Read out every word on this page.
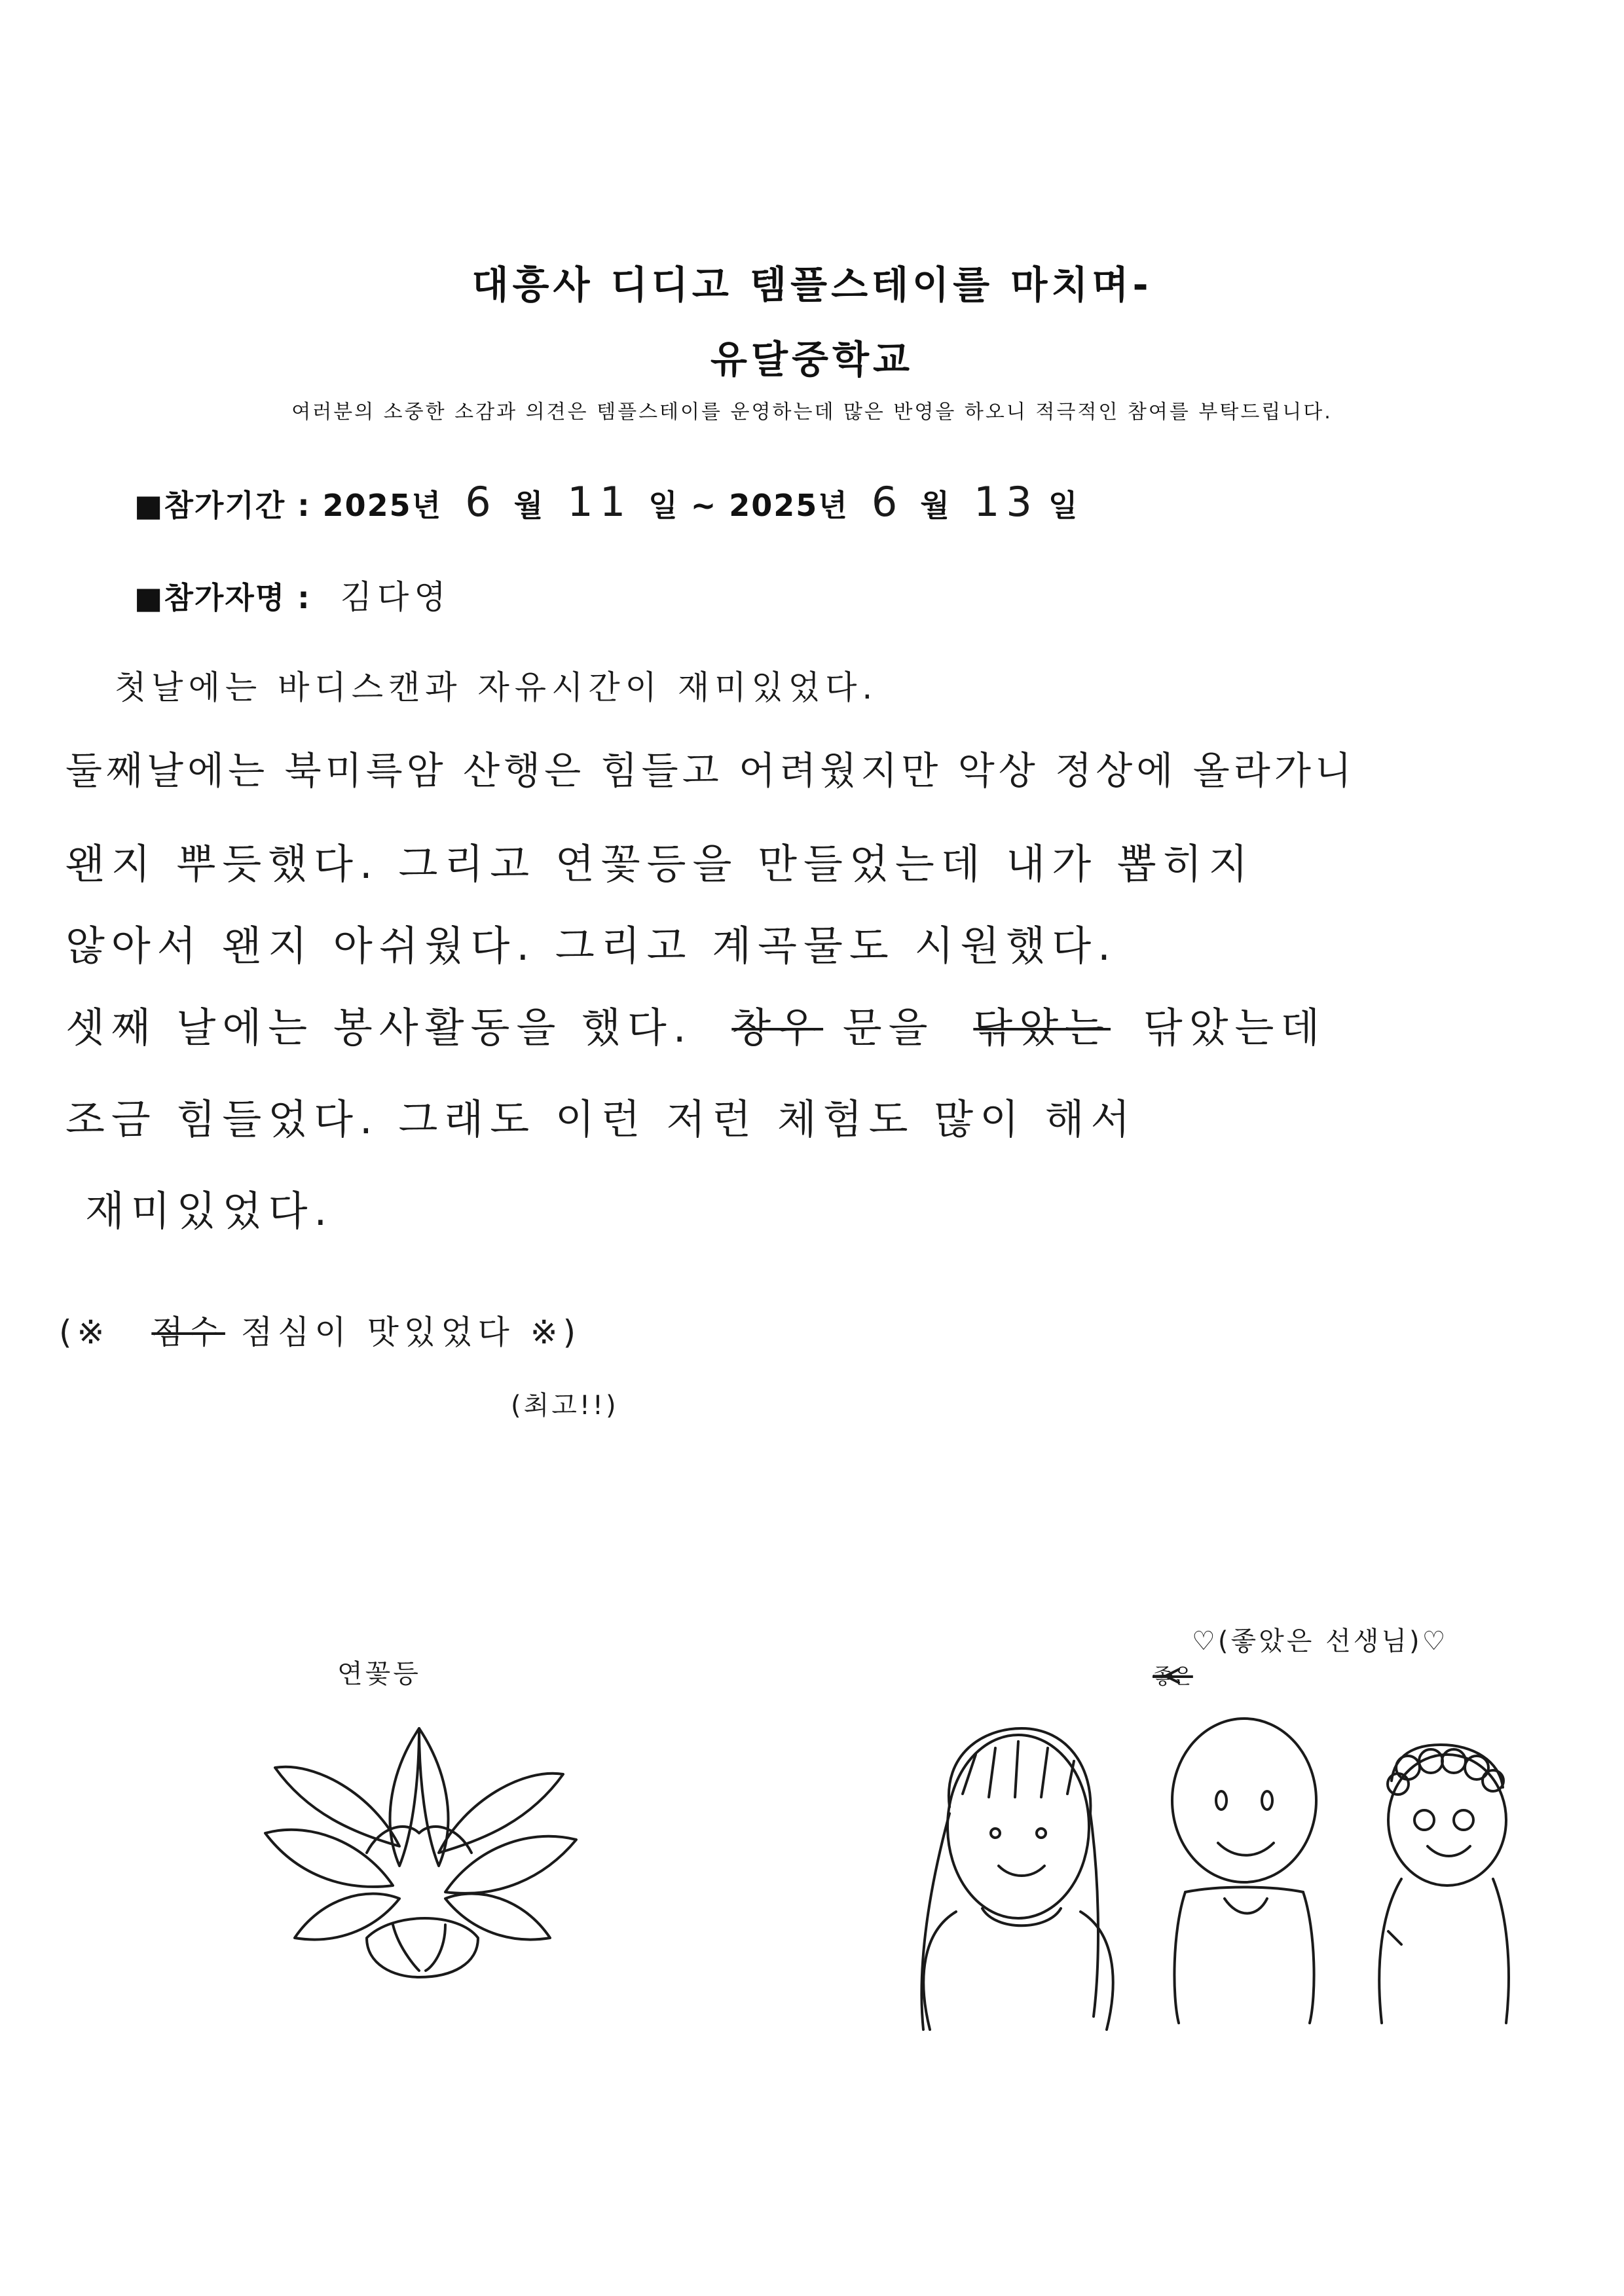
대흥사 디디고 템플스테이를 마치며-
유달중학교
여러분의 소중한 소감과 의견은 템플스테이를 운영하는데 많은 반영을 하오니 적극적인 참여를 부탁드립니다.
■참가기간 : 2025년 6 월 11 일 ~ 2025년 6 월 13 일
■참가자명 : 김다영
첫날에는 바디스캔과 자유시간이 재미있었다.
둘째날에는 북미륵암 산행은 힘들고 어려웠지만 악상 정상에 올라가니
왠지 뿌듯했다. 그리고 연꽃등을 만들었는데 내가 뽑히지
않아서 왠지 아쉬웠다. 그리고 계곡물도 시원했다.
셋째 날에는 봉사활동을 했다. 창우 문을 닦았는 닦았는데
조금 힘들었다. 그래도 이런 저런 체험도 많이 해서
재미있었다.
(※ 점수 점심이 맛있었다 ※)
(최고!!)
연꽃등
♡(좋았은 선생님)♡
좋은
